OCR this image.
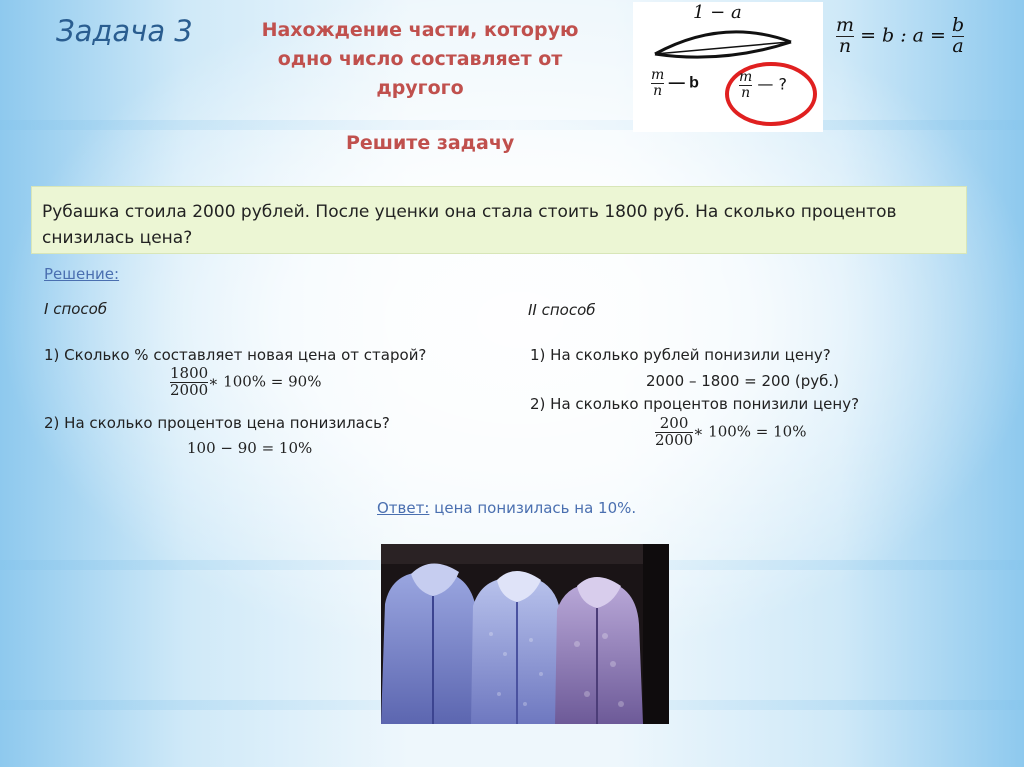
Задача 3	Нахождение части, которую
одно число составляет от
другого
Решите задачу
1 − a
$\frac{m}{n}$ — b	$\frac{m}{n}$ — ?
$\frac{m}{n} = b$ : $a = \frac{b}{a}$

Рубашка стоила 2000 рублей. После уценки она стала стоить 1800 руб. На сколько процентов снизилась цена?

Решение:
I способ
1) Сколько % составляет новая цена от старой?
$\frac{1800}{2000}$ ∗ 100% = 90%
2) На сколько процентов цена понизилась?
100 − 90 = 10%
II способ
1) На сколько рублей понизили цену?
2000 – 1800 = 200 (руб.)
2) На сколько процентов понизили цену?
$\frac{200}{2000}$ ∗ 100% = 10%
Ответ: цена понизилась на 10%.
